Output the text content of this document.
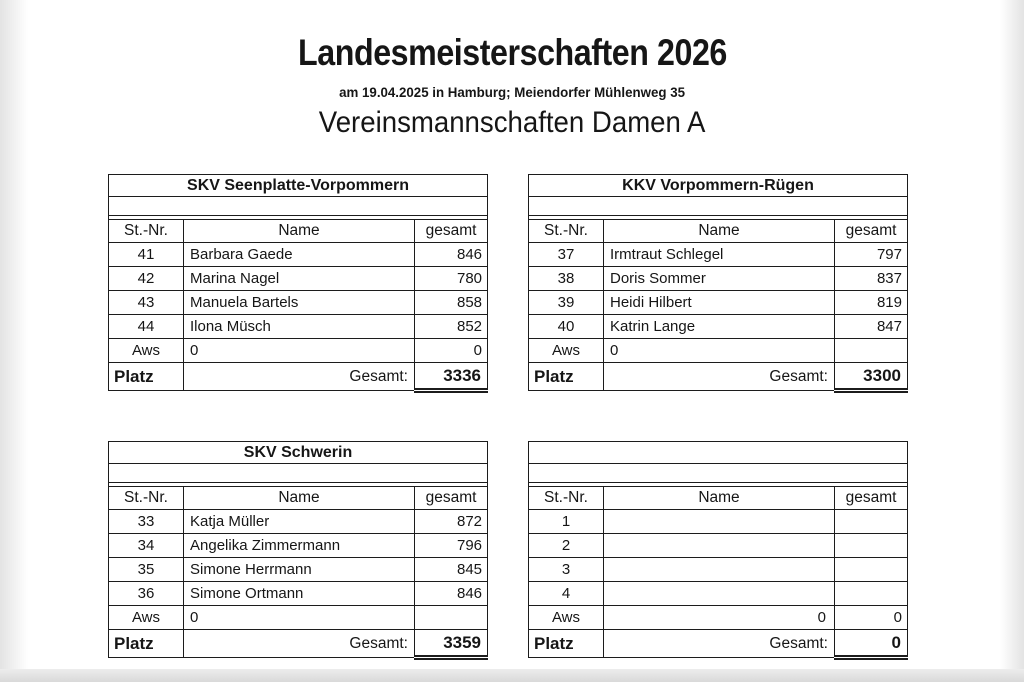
Landesmeisterschaften 2026
am 19.04.2025 in Hamburg; Meiendorfer Mühlenweg 35
Vereinsmannschaften Damen A
SKV Seenplatte-Vorpommern		

St.-Nr.	Name	gesamt
41	Barbara Gaede	846
42	Marina Nagel	780
43	Manuela Bartels	858
44	Ilona Müsch	852
Aws	0	0
Platz	Gesamt:	3336
KKV Vorpommern-Rügen		

St.-Nr.	Name	gesamt
37	Irmtraut Schlegel	797
38	Doris Sommer	837
39	Heidi Hilbert	819
40	Katrin Lange	847
Aws	0	
Platz	Gesamt:	3300
SKV Schwerin		

St.-Nr.	Name	gesamt
33	Katja Müller	872
34	Angelika Zimmermann	796
35	Simone Herrmann	845
36	Simone Ortmann	846
Aws	0	
Platz	Gesamt:	3359

St.-Nr.	Name	gesamt
1		
2		
3		
4		
Aws	0	0
Platz	Gesamt:	0
